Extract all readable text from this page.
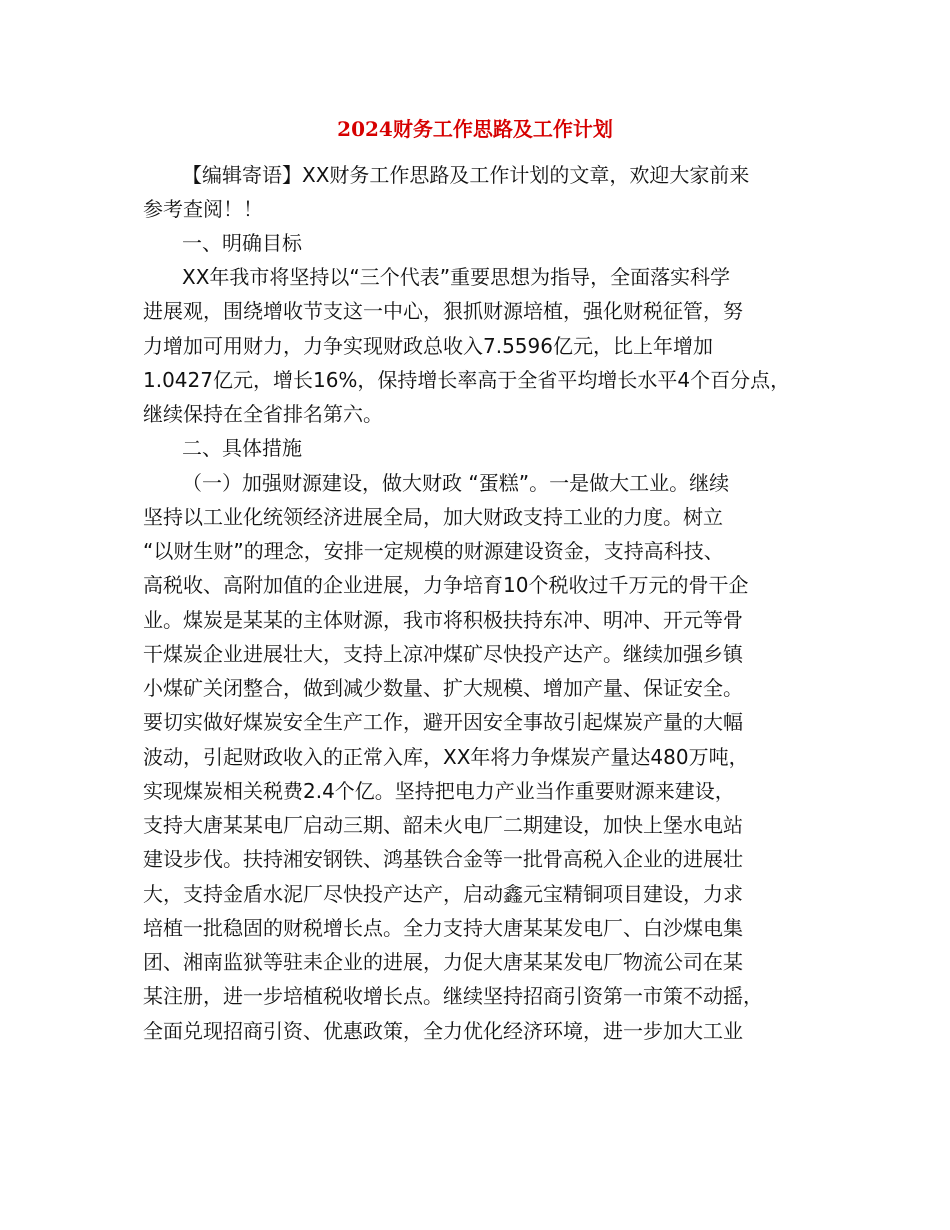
2024财务工作思路及工作计划

【编辑寄语】XX财务工作思路及工作计划的文章，欢迎大家前来

参考查阅！！

一、明确目标

XX年我市将坚持以“三个代表”重要思想为指导，全面落实科学

进展观，围绕增收节支这一中心，狠抓财源培植，强化财税征管，努

力增加可用财力，力争实现财政总收入7.5596亿元，比上年增加

1.0427亿元，增长16%，保持增长率高于全省平均增长水平4个百分点，

继续保持在全省排名第六。

二、具体措施

（一）加强财源建设，做大财政 “蛋糕”。一是做大工业。继续

坚持以工业化统领经济进展全局，加大财政支持工业的力度。树立

“以财生财”的理念，安排一定规模的财源建设资金，支持高科技、

高税收、高附加值的企业进展，力争培育10个税收过千万元的骨干企

业。煤炭是某某的主体财源，我市将积极扶持东冲、明冲、开元等骨

干煤炭企业进展壮大，支持上凉冲煤矿尽快投产达产。继续加强乡镇

小煤矿关闭整合，做到减少数量、扩大规模、增加产量、保证安全。

要切实做好煤炭安全生产工作，避开因安全事故引起煤炭产量的大幅

波动，引起财政收入的正常入库，XX年将力争煤炭产量达480万吨，

实现煤炭相关税费2.4个亿。坚持把电力产业当作重要财源来建设，

支持大唐某某电厂启动三期、韶未火电厂二期建设，加快上堡水电站

建设步伐。扶持湘安钢铁、鸿基铁合金等一批骨高税入企业的进展壮

大，支持金盾水泥厂尽快投产达产，启动鑫元宝精铜项目建设，力求

培植一批稳固的财税增长点。全力支持大唐某某发电厂、白沙煤电集

团、湘南监狱等驻耒企业的进展，力促大唐某某发电厂物流公司在某

某注册，进一步培植税收增长点。继续坚持招商引资第一市策不动摇，

全面兑现招商引资、优惠政策，全力优化经济环境，进一步加大工业
